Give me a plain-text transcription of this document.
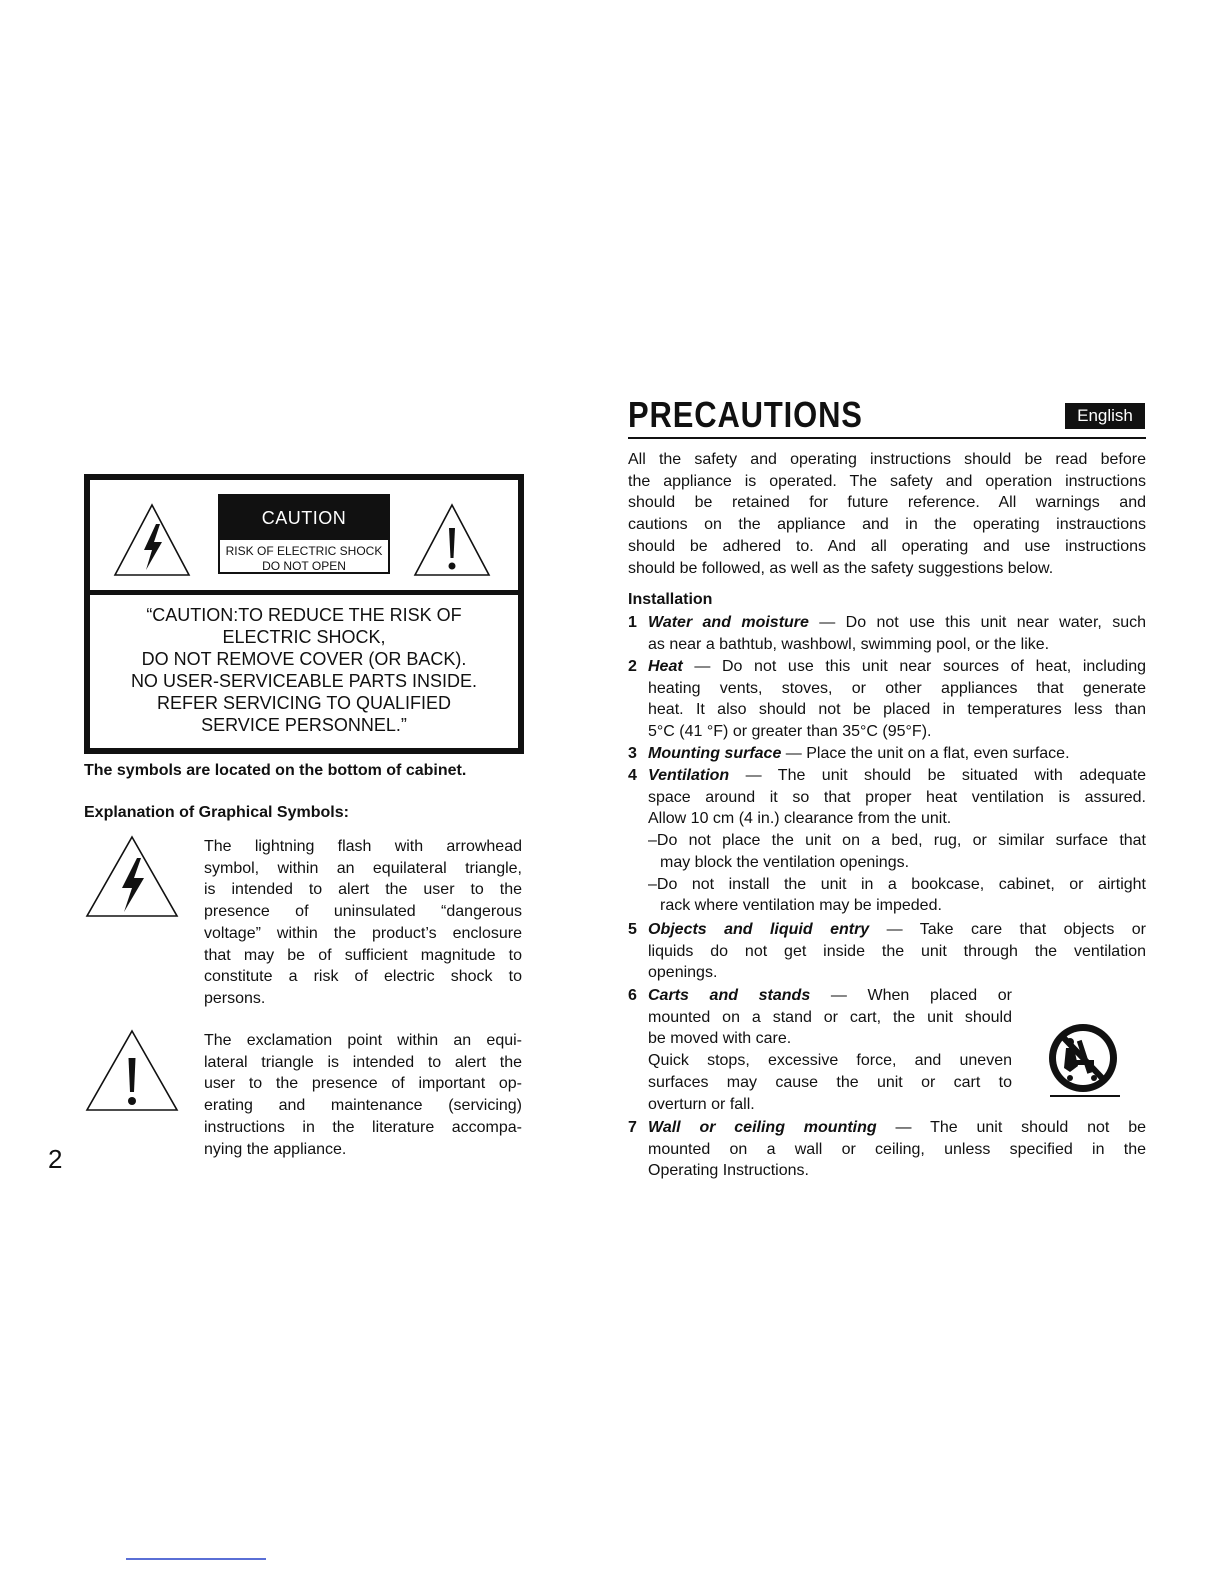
CAUTION
RISK OF ELECTRIC SHOCK
DO NOT OPEN
“CAUTION:TO REDUCE THE RISK OF
ELECTRIC SHOCK,
DO NOT REMOVE COVER (OR BACK).
NO USER-SERVICEABLE PARTS INSIDE.
REFER SERVICING TO QUALIFIED
SERVICE PERSONNEL.”
The symbols are located on the bottom of cabinet.
Explanation of Graphical Symbols:
The lightning flash with arrowhead
symbol, within an equilateral triangle,
is intended to alert the user to the
presence of uninsulated “dangerous
voltage” within the product’s enclosure
that may be of sufficient magnitude to
constitute a risk of electric shock to
persons.
The exclamation point within an equi-
lateral triangle is intended to alert the
user to the presence of important op-
erating and maintenance (servicing)
instructions in the literature accompa-
nying the appliance.
2
PRECAUTIONS	English
All the safety and operating instructions should be read before
the appliance is operated. The safety and operation instructions
should be retained for future reference. All warnings and
cautions on the appliance and in the operating instrauctions
should be adhered to. And all operating and use instructions
should be followed, as well as the safety suggestions below.
Installation
1 Water and moisture — Do not use this unit near water, such
as near a bathtub, washbowl, swimming pool, or the like.
2 Heat — Do not use this unit near sources of heat, including
heating vents, stoves, or other appliances that generate
heat. It also should not be placed in temperatures less than
5°C (41 °F) or greater than 35°C (95°F).
3 Mounting surface — Place the unit on a flat, even surface.
4 Ventilation — The unit should be situated with adequate
space around it so that proper heat ventilation is assured.
Allow 10 cm (4 in.) clearance from the unit.
–Do not place the unit on a bed, rug, or similar surface that
may block the ventilation openings.
–Do not install the unit in a bookcase, cabinet, or airtight
rack where ventilation may be impeded.
5 Objects and liquid entry — Take care that objects or
liquids do not get inside the unit through the ventilation
openings.
6 Carts and stands — When placed or
mounted on a stand or cart, the unit should
be moved with care.
Quick stops, excessive force, and uneven
surfaces may cause the unit or cart to
overturn or fall.
7 Wall or ceiling mounting — The unit should not be
mounted on a wall or ceiling, unless specified in the
Operating Instructions.
